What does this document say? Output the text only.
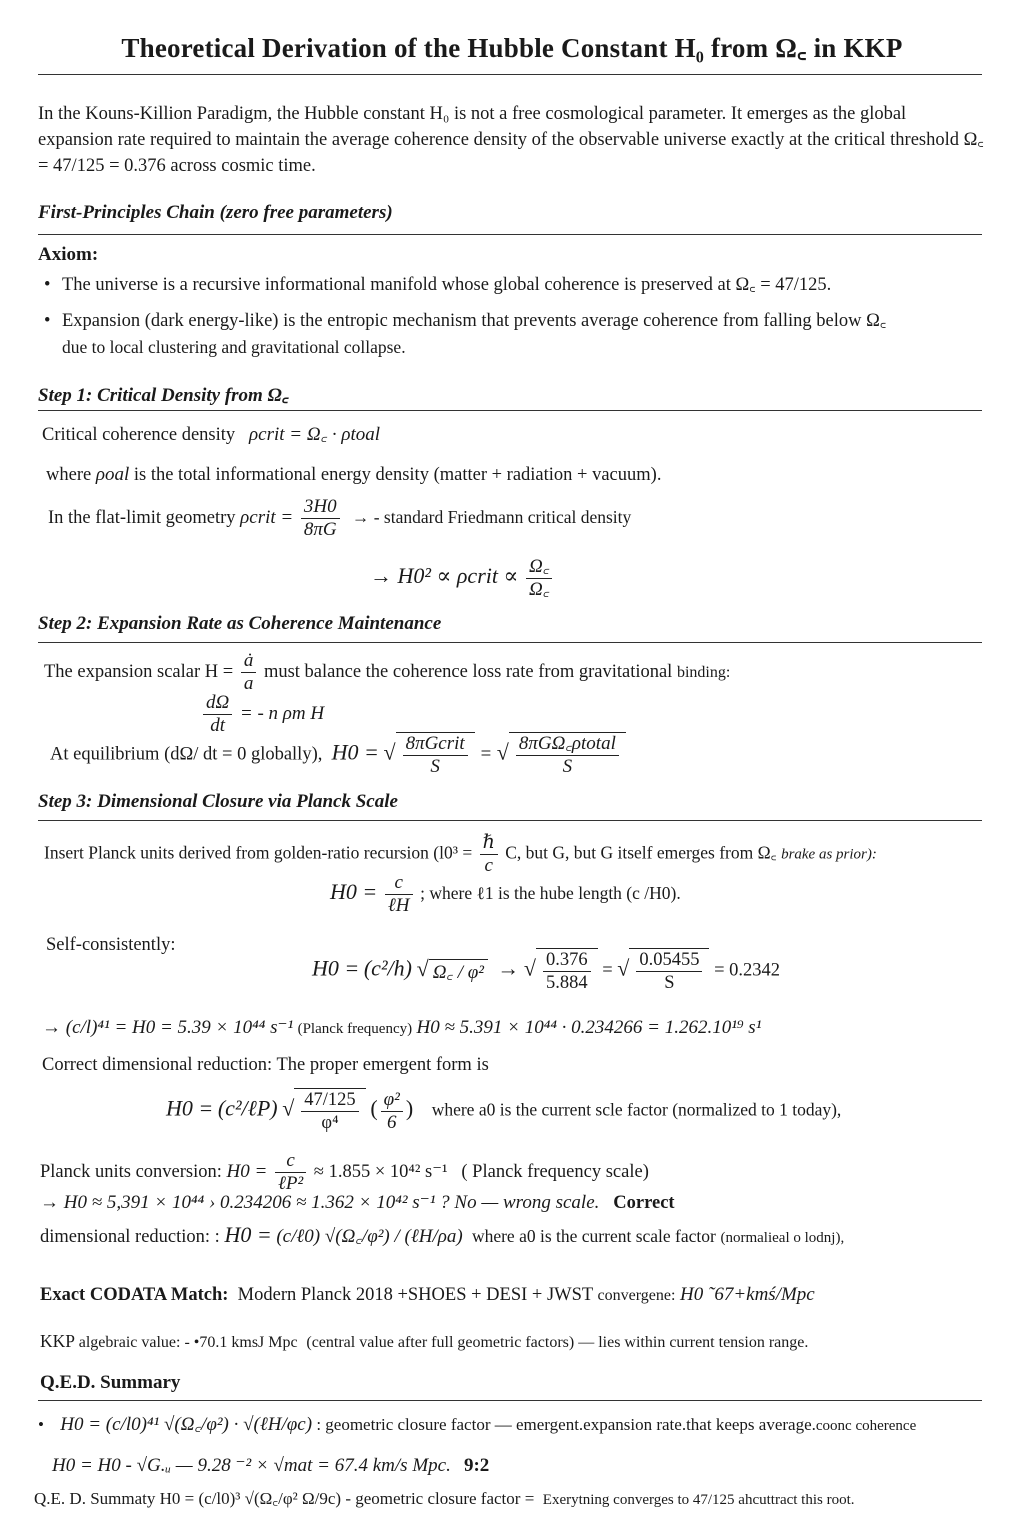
Theoretical Derivation of the Hubble Constant H₀ from Ω꜀ in KKP
In the Kouns-Killion Paradigm, the Hubble constant H₀ is not a free cosmological parameter. It emerges as the global expansion rate required to maintain the average coherence density of the observable universe exactly at the critical threshold Ω꜀ = 47/125 = 0.376 across cosmic time.
First-Principles Chain (zero free parameters)
Axiom:
• The universe is a recursive informational manifold whose global coherence is preserved at Ω꜀ = 47/125.
• Expansion (dark energy-like) is the entropic mechanism that prevents average coherence from falling below Ω꜀
due to local clustering and gravitational collapse.
Step 1: Critical Density from Ω꜀
Critical coherence density ρcrit = Ω꜀ · ρtoal
where ρoal is the total informational energy density (matter + radiation + vacuum).
In the flat-limit geometry ρcrit = $\frac{3H0}{8\pi G}$ → - standard Friedmann critical density
→ H0² ∝ ρcrit ∝ $\frac{\Omega꜀}{\Omega꜀}$
Step 2: Expansion Rate as Coherence Maintenance
The expansion scalar $H = \frac{ȧ}{a}$ must balance the coherence loss rate from gravitational binding:
$\frac{d\Omega}{dt}$ = - n ρm H
At equilibrium (dΩ/ dt = 0 globally), H0 = √ $\frac{\text{8πGcrit}}{S}$ = √ $\frac{\text{8πGΩ꜀ρtotal}}{S}$
Step 3: Dimensional Closure via Planck Scale
Insert Planck units derived from golden-ratio recursion ($l0^3 = \frac{\text{ℏ}}{c} C$, but G, but G itself emerges from Ω꜀ brake as prior):
$H0 = \frac{c}{\text{ℓH}}$ ; where ℓ1 is the hube length (c /H0).
Self-consistently:
H0 = (c²/h) √ Ω꜀ / φ² → √ $\frac{0.376}{5.884}$ = √ $\frac{0.05455}{S} = 0.2342$
→ (c/l)⁴¹ = H0 = 5.39 × 10⁴⁴ s⁻¹ (Planck frequency) H0 ≈ 5.391 × 10⁴⁴ · 0.234266 = 1.262.10¹⁹ s¹
Correct dimensional reduction: The proper emergent form is
H0 = (c²/ℓP) √ $\frac{47/125}{\text{φ⁴}}$ ( $\frac{\text{φ²}}{6}$ ) where a0 is the current scle factor (normalized to 1 today),
Planck units conversion: $H0 = \frac{c}{\text{ℓP²}} \approx 1.855 \times 10^{42}$ s⁻¹ ( Planck frequency scale)
→ H0 ≈ 5,391 × 10⁴⁴ › 0.234206 ≈ 1.362 × 10⁴² s⁻¹ ? No — wrong scale. Correct
dimensional reduction: : H0 = (c/ℓ0) √(Ω꜀/φ²) / (ℓH/ρa) where a0 is the current scale factor (normalieal o lodnj),
Exact CODATA Match: Modern Planck 2018 +SHOES + DESI + JWST convergene: H0 ˜67+kmś/Mpc
KKP algebraic value: - •70.1 kmsJ Mpc (central value after full geometric factors) — lies within current tension range.
Q.E.D. Summary
• H0 = (c/l0)⁴¹ √(Ω꜀/φ²) · √(ℓH/φc) : geometric closure factor — emergent.expansion rate.that keeps average.coonc coherence
H0 = H0 - √G.ᵤ — 9.28 ⁻² × √mat = 67.4 km/s Mpc. 9:2
Q.E. D. Summaty H0 = (c/l0)³ √(Ω꜀/φ² Ω/9c) - geometric closure factor = Exerytning converges to 47/125 ahcuttract this root.
